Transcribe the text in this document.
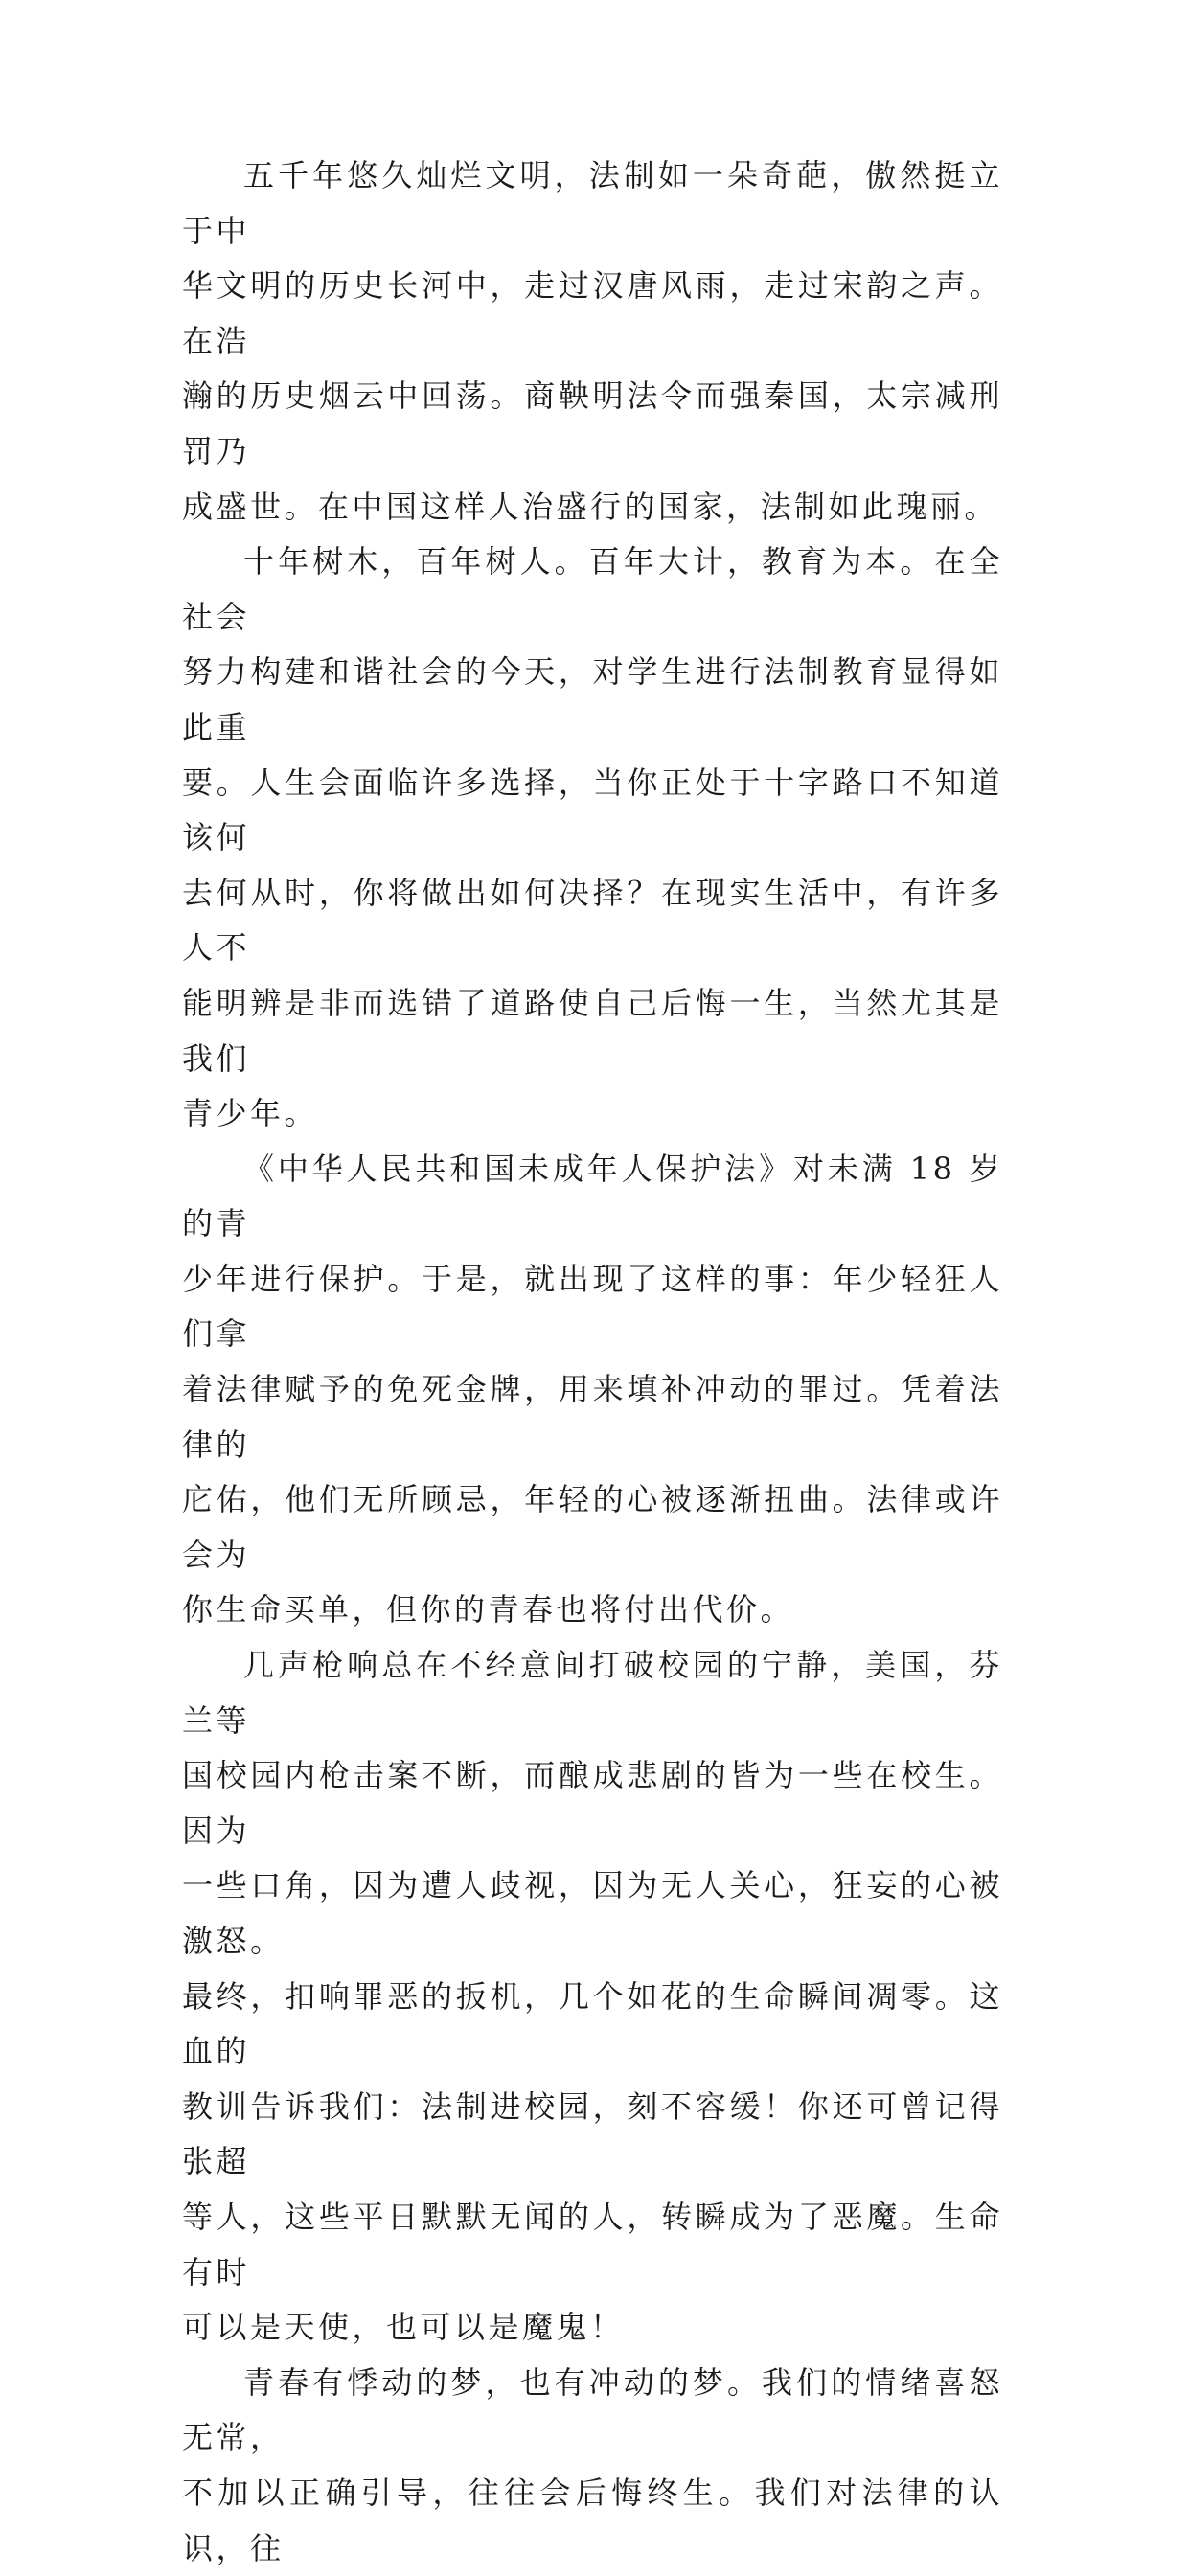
五千年悠久灿烂文明，法制如一朵奇葩，傲然挺立于中
华文明的历史长河中，走过汉唐风雨，走过宋韵之声。在浩
瀚的历史烟云中回荡。商鞅明法令而强秦国，太宗减刑罚乃
成盛世。在中国这样人治盛行的国家，法制如此瑰丽。

十年树木，百年树人。百年大计，教育为本。在全社会
努力构建和谐社会的今天，对学生进行法制教育显得如此重
要。人生会面临许多选择，当你正处于十字路口不知道该何
去何从时，你将做出如何决择？在现实生活中，有许多人不
能明辨是非而选错了道路使自己后悔一生，当然尤其是我们
青少年。

《中华人民共和国未成年人保护法》对未满 18 岁的青
少年进行保护。于是，就出现了这样的事：年少轻狂人们拿
着法律赋予的免死金牌，用来填补冲动的罪过。凭着法律的
庀佑，他们无所顾忌，年轻的心被逐渐扭曲。法律或许会为
你生命买单，但你的青春也将付出代价。

几声枪响总在不经意间打破校园的宁静，美国，芬兰等
国校园内枪击案不断，而酿成悲剧的皆为一些在校生。因为
一些口角，因为遭人歧视，因为无人关心，狂妄的心被激怒。
最终，扣响罪恶的扳机，几个如花的生命瞬间凋零。这血的
教训告诉我们：法制进校园，刻不容缓！你还可曾记得张超
等人，这些平日默默无闻的人，转瞬成为了恶魔。生命有时
可以是天使，也可以是魔鬼！

青春有悸动的梦，也有冲动的梦。我们的情绪喜怒无常，
不加以正确引导，往往会后悔终生。我们对法律的认识，往
